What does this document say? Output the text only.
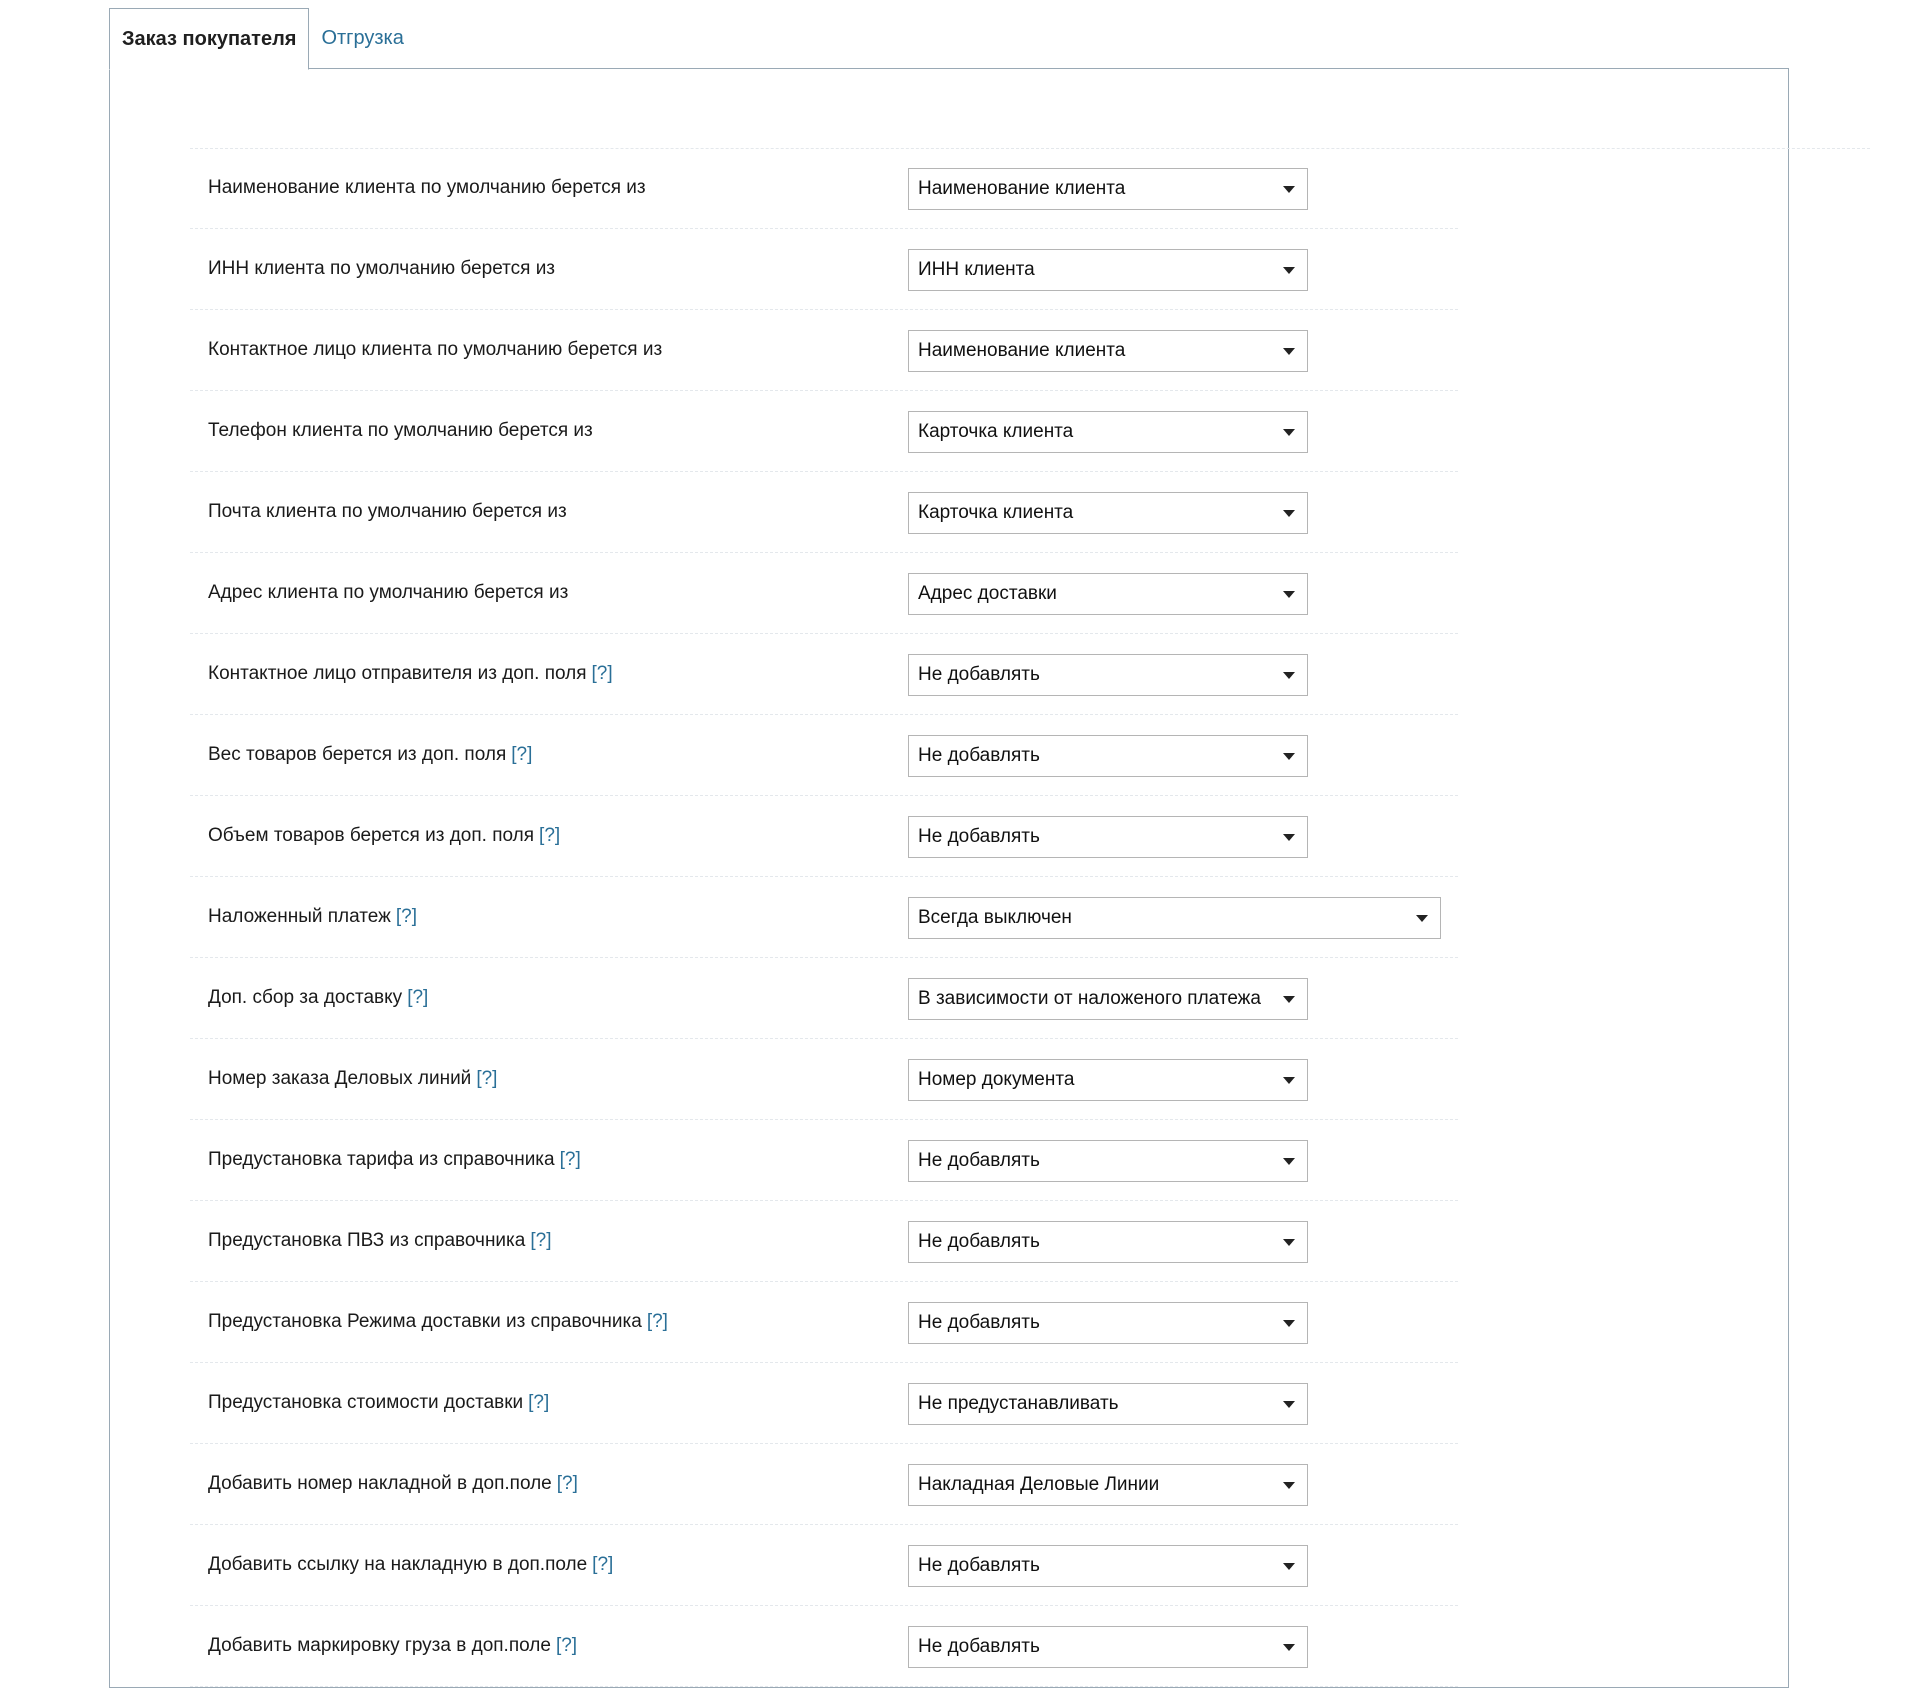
Заказ покупателя	Отгрузка
Наименование клиента по умолчанию берется из	Наименование клиента
ИНН клиента по умолчанию берется из	ИНН клиента
Контактное лицо клиента по умолчанию берется из	Наименование клиента
Телефон клиента по умолчанию берется из	Карточка клиента
Почта клиента по умолчанию берется из	Карточка клиента
Адрес клиента по умолчанию берется из	Адрес доставки
Контактное лицо отправителя из доп. поля [?]	Не добавлять
Вес товаров берется из доп. поля [?]	Не добавлять
Объем товаров берется из доп. поля [?]	Не добавлять
Наложенный платеж [?]	Всегда выключен
Доп. сбор за доставку [?]	В зависимости от наложеного платежа
Номер заказа Деловых линий [?]	Номер документа
Предустановка тарифа из справочника [?]	Не добавлять
Предустановка ПВЗ из справочника [?]	Не добавлять
Предустановка Режима доставки из справочника [?]	Не добавлять
Предустановка стоимости доставки [?]	Не предустанавливать
Добавить номер накладной в доп.поле [?]	Накладная Деловые Линии
Добавить ссылку на накладную в доп.поле [?]	Не добавлять
Добавить маркировку груза в доп.поле [?]	Не добавлять
